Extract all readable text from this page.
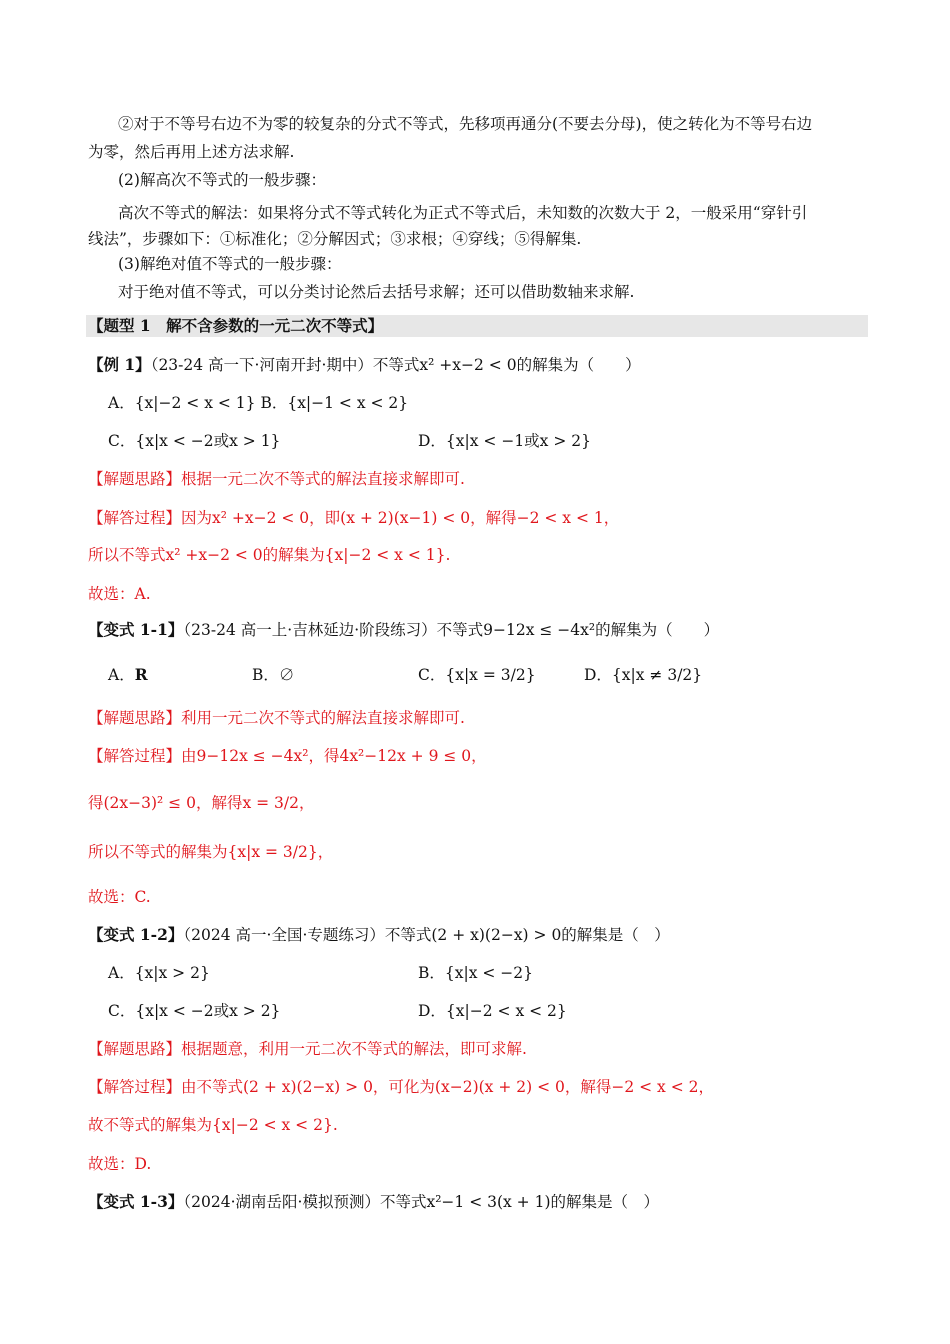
②对于不等号右边不为零的较复杂的分式不等式，先移项再通分(不要去分母)，使之转化为不等号右边
为零，然后再用上述方法求解.
(2)解高次不等式的一般步骤：
高次不等式的解法：如果将分式不等式转化为正式不等式后，未知数的次数大于 2，一般采用“穿针引
线法”，步骤如下：①标准化；②分解因式；③求根；④穿线；⑤得解集.
(3)解绝对值不等式的一般步骤：
对于绝对值不等式，可以分类讨论然后去括号求解；还可以借助数轴来求解.
【题型 1　解不含参数的一元二次不等式】
【例 1】（23-24 高一下·河南开封·期中）不等式x² +x−2 < 0的解集为（　　）
A．{x|−2 < x < 1} B．{x|−1 < x < 2}
C．{x|x < −2或x > 1}	D．{x|x < −1或x > 2}
【解题思路】根据一元二次不等式的解法直接求解即可.
【解答过程】因为x² +x−2 < 0，即(x + 2)(x−1) < 0，解得−2 < x < 1，
所以不等式x² +x−2 < 0的解集为{x|−2 < x < 1}.
故选：A.
【变式 1-1】（23-24 高一上·吉林延边·阶段练习）不等式9−12x ≤ −4x²的解集为（　　）
A．R	B．∅	C．{x|x = 3/2}	D．{x|x ≠ 3/2}
【解题思路】利用一元二次不等式的解法直接求解即可.
【解答过程】由9−12x ≤ −4x²，得4x²−12x + 9 ≤ 0，
得(2x−3)² ≤ 0，解得x = 3/2，
所以不等式的解集为{x|x = 3/2}，
故选：C.
【变式 1-2】（2024 高一·全国·专题练习）不等式(2 + x)(2−x) > 0的解集是（　）
A．{x|x > 2}	B．{x|x < −2}
C．{x|x < −2或x > 2}	D．{x|−2 < x < 2}
【解题思路】根据题意，利用一元二次不等式的解法，即可求解.
【解答过程】由不等式(2 + x)(2−x) > 0，可化为(x−2)(x + 2) < 0，解得−2 < x < 2，
故不等式的解集为{x|−2 < x < 2}.
故选：D.
【变式 1-3】（2024·湖南岳阳·模拟预测）不等式x²−1 < 3(x + 1)的解集是（　）
